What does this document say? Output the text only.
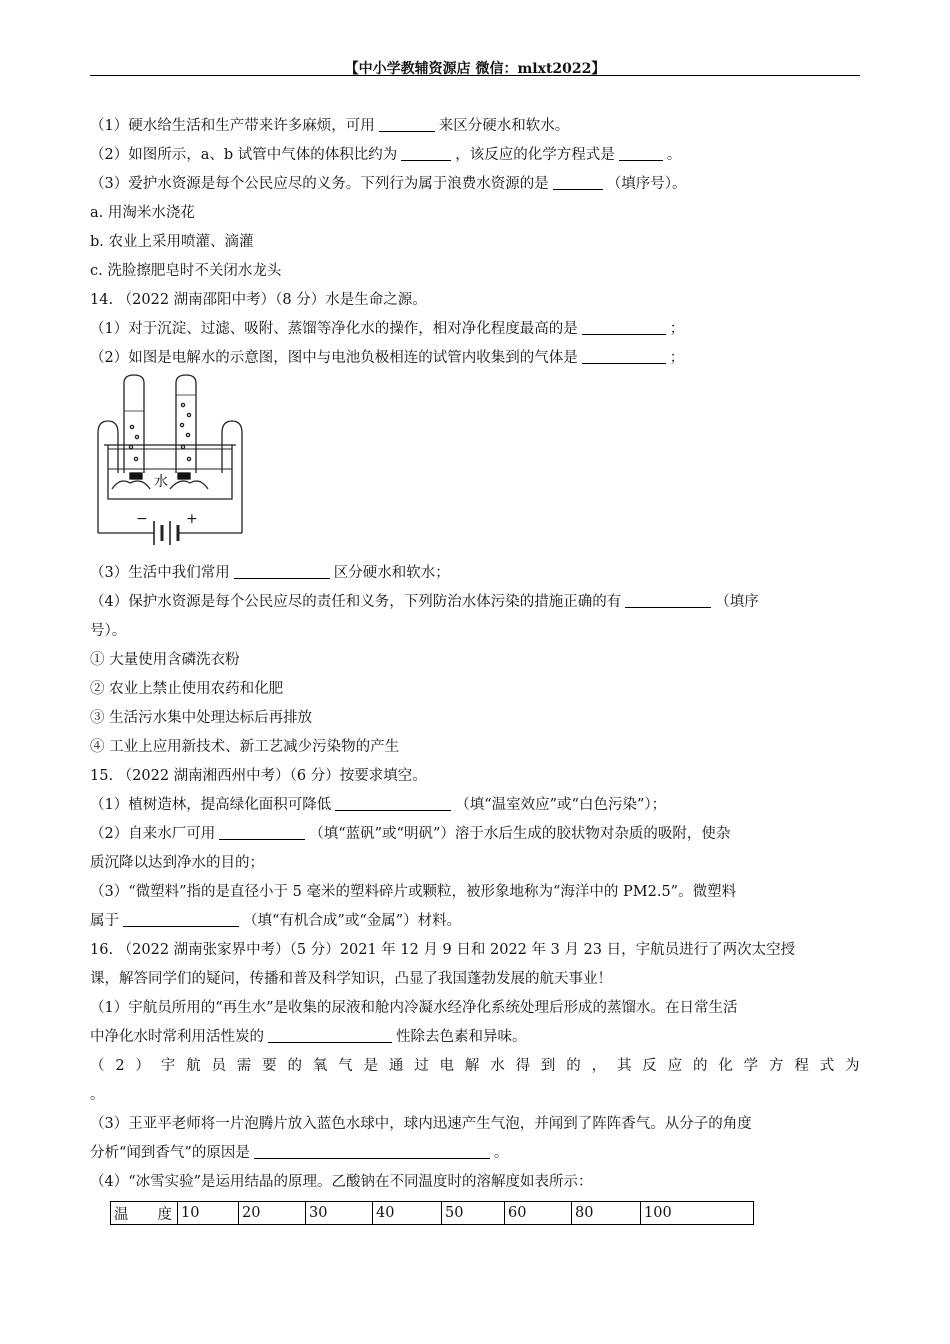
【中小学教辅资源店 微信：mlxt2022】
（1）硬水给生活和生产带来许多麻烦，可用	来区分硬水和软水。
（2）如图所示，a、b 试管中气体的体积比约为	，该反应的化学方程式是	。
（3）爱护水资源是每个公民应尽的义务。下列行为属于浪费水资源的是	（填序号）。
a. 用淘米水浇花
b. 农业上采用喷灌、滴灌
c. 洗脸擦肥皂时不关闭水龙头
14. （2022 湖南邵阳中考）（8 分）水是生命之源。
（1）对于沉淀、过滤、吸附、蒸馏等净化水的操作，相对净化程度最高的是	；
（2）如图是电解水的示意图，图中与电池负极相连的试管内收集到的气体是	；
水
−	+
（3）生活中我们常用	区分硬水和软水；
（4）保护水资源是每个公民应尽的责任和义务，下列防治水体污染的措施正确的有	（填序
号）。
① 大量使用含磷洗衣粉
② 农业上禁止使用农药和化肥
③ 生活污水集中处理达标后再排放
④ 工业上应用新技术、新工艺减少污染物的产生
15. （2022 湖南湘西州中考）（6 分）按要求填空。
（1）植树造林，提高绿化面积可降低	（填“温室效应”或“白色污染”）；
（2）自来水厂可用	（填“蓝矾”或“明矾”）溶于水后生成的胶状物对杂质的吸附，使杂
质沉降以达到净水的目的；
（3）“微塑料”指的是直径小于 5 毫米的塑料碎片或颗粒，被形象地称为“海洋中的 PM2.5”。微塑料
属于	（填“有机合成”或“金属”）材料。
16. （2022 湖南张家界中考）（5 分）2021 年 12 月 9 日和 2022 年 3 月 23 日，宇航员进行了两次太空授
课，解答同学们的疑问，传播和普及科学知识，凸显了我国蓬勃发展的航天事业！
（1）宇航员所用的“再生水”是收集的尿液和舱内冷凝水经净化系统处理后形成的蒸馏水。在日常生活
中净化水时常利用活性炭的	性除去色素和异味。
（ 2 ） 宇 航 员 需 要 的 氧 气 是 通 过 电 解 水 得 到 的 ， 其 反 应 的 化 学 方 程 式 为
。
（3）王亚平老师将一片泡腾片放入蓝色水球中，球内迅速产生气泡，并闻到了阵阵香气。从分子的角度
分析“闻到香气”的原因是	。
（4）“冰雪实验”是运用结晶的原理。乙酸钠在不同温度时的溶解度如表所示：
温　　度	10	20	30	40	50	60	80	100
